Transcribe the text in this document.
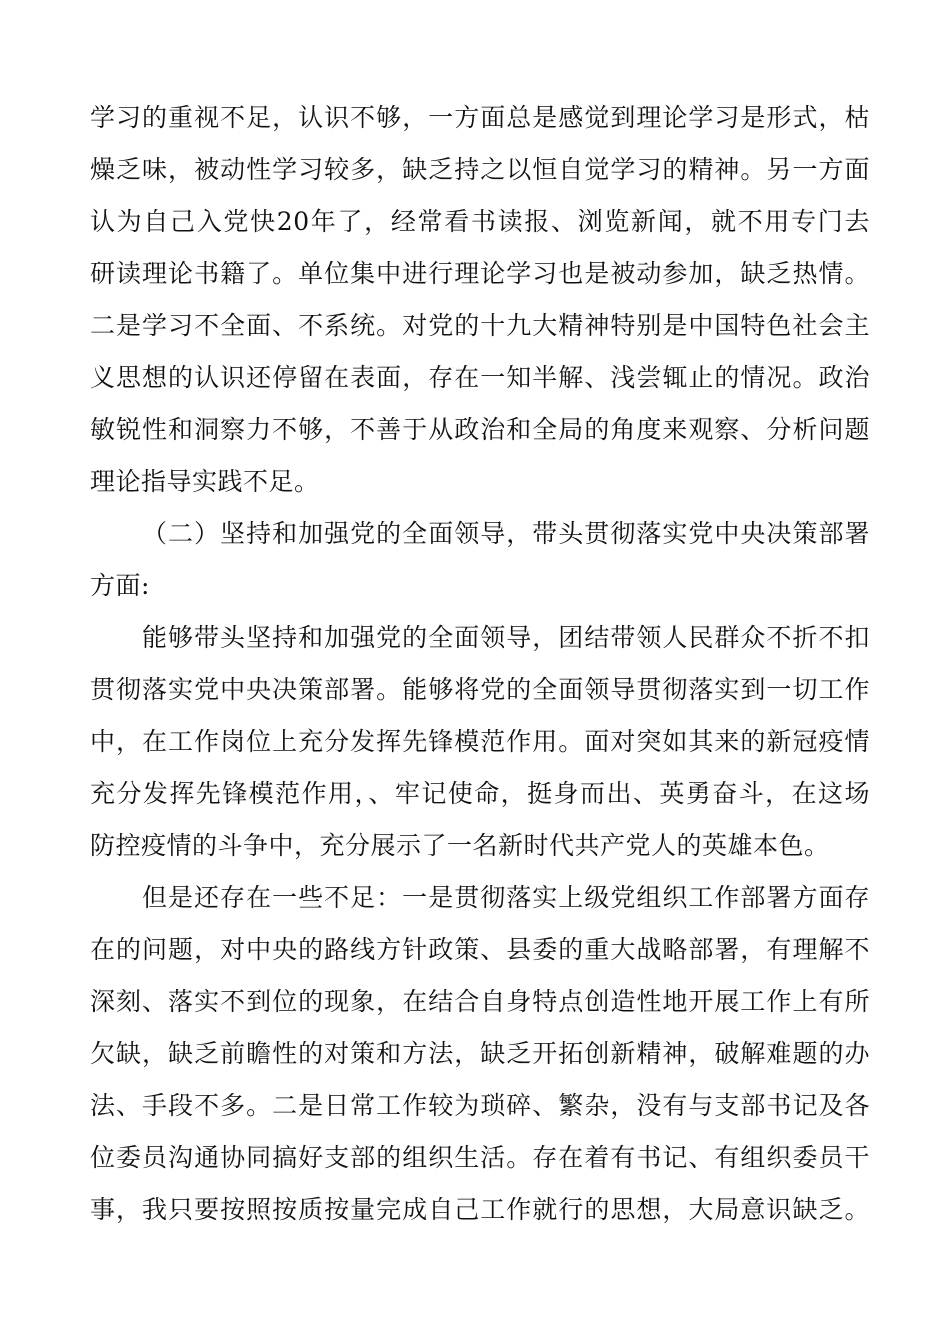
学习的重视不足，认识不够，一方面总是感觉到理论学习是形式，枯
燥乏味，被动性学习较多，缺乏持之以恒自觉学习的精神。另一方面
认为自己入党快20年了，经常看书读报、浏览新闻，就不用专门去
研读理论书籍了。单位集中进行理论学习也是被动参加，缺乏热情。
二是学习不全面、不系统。对党的十九大精神特别是中国特色社会主
义思想的认识还停留在表面，存在一知半解、浅尝辄止的情况。政治
敏锐性和洞察力不够，不善于从政治和全局的角度来观察、分析问题
理论指导实践不足。
（二）坚持和加强党的全面领导，带头贯彻落实党中央决策部署
方面:
能够带头坚持和加强党的全面领导，团结带领人民群众不折不扣
贯彻落实党中央决策部署。能够将党的全面领导贯彻落实到一切工作
中，在工作岗位上充分发挥先锋模范作用。面对突如其来的新冠疫情
充分发挥先锋模范作用，、牢记使命，挺身而出、英勇奋斗，在这场
防控疫情的斗争中，充分展示了一名新时代共产党人的英雄本色。
但是还存在一些不足：一是贯彻落实上级党组织工作部署方面存
在的问题，对中央的路线方针政策、县委的重大战略部署，有理解不
深刻、落实不到位的现象，在结合自身特点创造性地开展工作上有所
欠缺，缺乏前瞻性的对策和方法，缺乏开拓创新精神，破解难题的办
法、手段不多。二是日常工作较为琐碎、繁杂，没有与支部书记及各
位委员沟通协同搞好支部的组织生活。存在着有书记、有组织委员干
事，我只要按照按质按量完成自己工作就行的思想，大局意识缺乏。
